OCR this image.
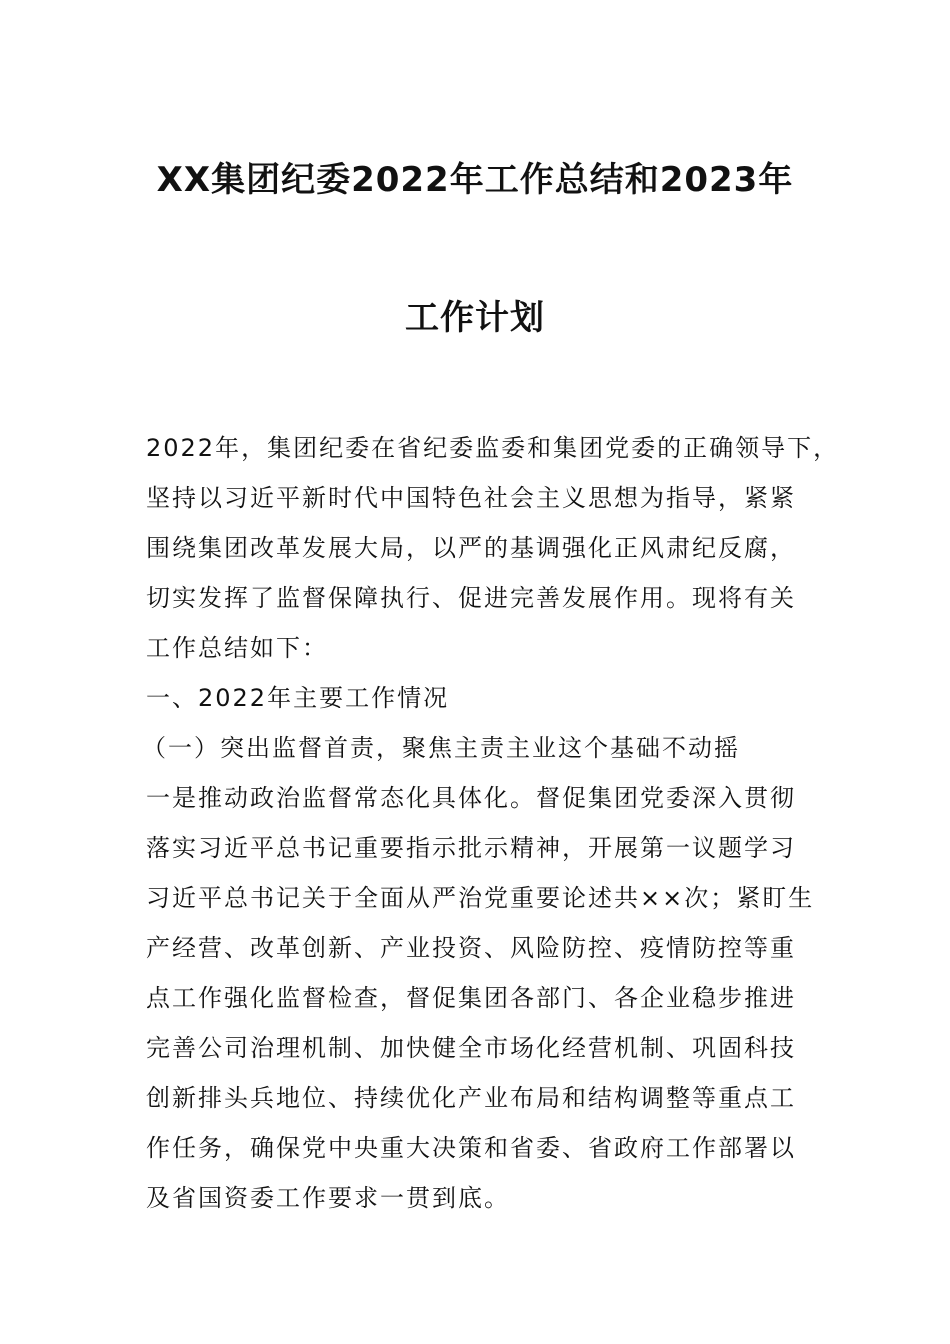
XX集团纪委2022年工作总结和2023年
工作计划
2022年，集团纪委在省纪委监委和集团党委的正确领导下，
坚持以习近平新时代中国特色社会主义思想为指导，紧紧
围绕集团改革发展大局，以严的基调强化正风肃纪反腐，
切实发挥了监督保障执行、促进完善发展作用。现将有关
工作总结如下：
一、2022年主要工作情况
（一）突出监督首责，聚焦主责主业这个基础不动摇
一是推动政治监督常态化具体化。督促集团党委深入贯彻
落实习近平总书记重要指示批示精神，开展第一议题学习
习近平总书记关于全面从严治党重要论述共××次；紧盯生
产经营、改革创新、产业投资、风险防控、疫情防控等重
点工作强化监督检查，督促集团各部门、各企业稳步推进
完善公司治理机制、加快健全市场化经营机制、巩固科技
创新排头兵地位、持续优化产业布局和结构调整等重点工
作任务，确保党中央重大决策和省委、省政府工作部署以
及省国资委工作要求一贯到底。
